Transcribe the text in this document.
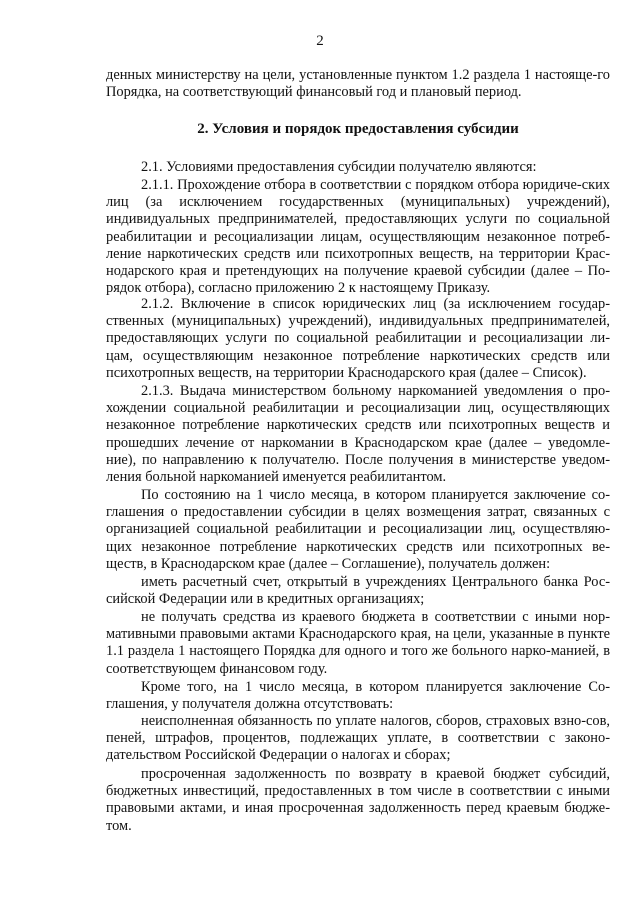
2
денных министерству на цели, установленные пунктом 1.2 раздела 1 настояще-го Порядка, на соответствующий финансовый год и плановый период.
2. Условия и порядок предоставления субсидии
2.1. Условиями предоставления субсидии получателю являются:
2.1.1. Прохождение отбора в соответствии с порядком отбора юридиче-ских лиц (за исключением государственных (муниципальных) учреждений), индивидуальных предпринимателей, предоставляющих услуги по социальной реабилитации и ресоциализации лицам, осуществляющим незаконное потреб-ление наркотических средств или психотропных веществ, на территории Крас-нодарского края и претендующих на получение краевой субсидии (далее – По-рядок отбора), согласно приложению 2 к настоящему Приказу.
2.1.2. Включение в список юридических лиц (за исключением государ-ственных (муниципальных) учреждений), индивидуальных предпринимателей, предоставляющих услуги по социальной реабилитации и ресоциализации ли-цам, осуществляющим незаконное потребление наркотических средств или психотропных веществ, на территории Краснодарского края (далее – Список).
2.1.3. Выдача министерством больному наркоманией уведомления о про-хождении социальной реабилитации и ресоциализации лиц, осуществляющих незаконное потребление наркотических средств или психотропных веществ и прошедших лечение от наркомании в Краснодарском крае (далее – уведомле-ние), по направлению к получателю. После получения в министерстве уведом-ления больной наркоманией именуется реабилитантом.
По состоянию на 1 число месяца, в котором планируется заключение со-глашения о предоставлении субсидии в целях возмещения затрат, связанных с организацией социальной реабилитации и ресоциализации лиц, осуществляю-щих незаконное потребление наркотических средств или психотропных ве-ществ, в Краснодарском крае (далее – Соглашение), получатель должен:
иметь расчетный счет, открытый в учреждениях Центрального банка Рос-сийской Федерации или в кредитных организациях;
не получать средства из краевого бюджета в соответствии с иными нор-мативными правовыми актами Краснодарского края, на цели, указанные в пункте 1.1 раздела 1 настоящего Порядка для одного и того же больного нарко-манией, в соответствующем финансовом году.
Кроме того, на 1 число месяца, в котором планируется заключение Со-глашения, у получателя должна отсутствовать:
неисполненная обязанность по уплате налогов, сборов, страховых взно-сов, пеней, штрафов, процентов, подлежащих уплате, в соответствии с законо-дательством Российской Федерации о налогах и сборах;
просроченная задолженность по возврату в краевой бюджет субсидий, бюджетных инвестиций, предоставленных в том числе в соответствии с иными правовыми актами, и иная просроченная задолженность перед краевым бюдже-том.
